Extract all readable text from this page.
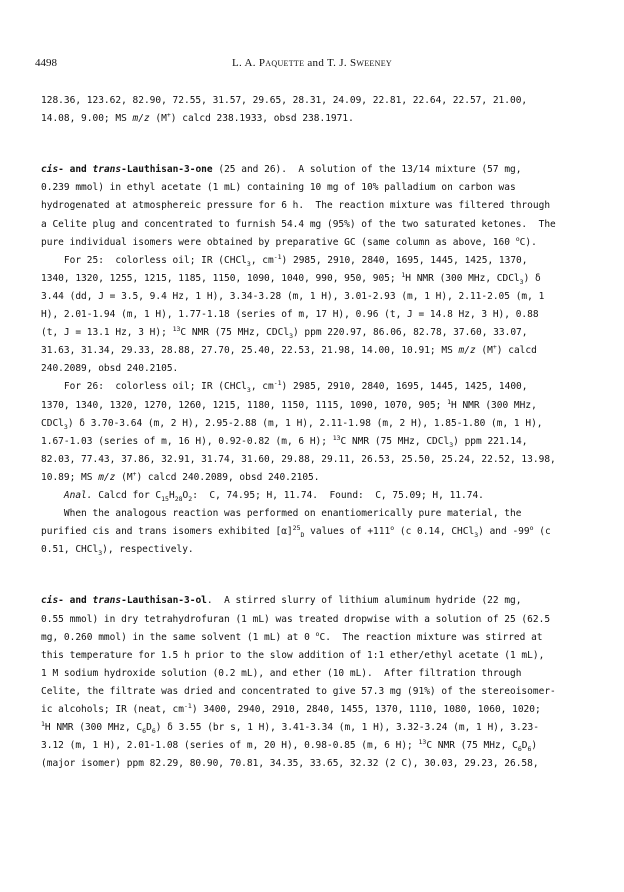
4498	L. A. Paquette and T. J. Sweeney
128.36, 123.62, 82.90, 72.55, 31.57, 29.65, 28.31, 24.09, 22.81, 22.64, 22.57, 21.00,
14.08, 9.00; MS m/z (M+) calcd 238.1933, obsd 238.1971.
cis- and trans-Lauthisan-3-one (25 and 26).  A solution of the 13/14 mixture (57 mg,
0.239 mmol) in ethyl acetate (1 mL) containing 10 mg of 10% palladium on carbon was
hydrogenated at atmosphereic pressure for 6 h.  The reaction mixture was filtered through
a Celite plug and concentrated to furnish 54.4 mg (95%) of the two saturated ketones.  The
pure individual isomers were obtained by preparative GC (same column as above, 160 $^o$C).
For 25:  colorless oil; IR (CHCl$_3$, $cm^{-1}$) 2985, 2910, 2840, 1695, 1445, 1425, 1370,
1340, 1320, 1255, 1215, 1185, 1150, 1090, 1040, 990, 950, 905; $^1$H NMR (300 MHz, CDCl$_3$) δ
3.44 (dd, J = 3.5, 9.4 Hz, 1 H), 3.34-3.28 (m, 1 H), 3.01-2.93 (m, 1 H), 2.11-2.05 (m, 1
H), 2.01-1.94 (m, 1 H), 1.77-1.18 (series of m, 17 H), 0.96 (t, J = 14.8 Hz, 3 H), 0.88
(t, J = 13.1 Hz, 3 H); $^{13}$C NMR (75 MHz, CDCl$_3$) ppm 220.97, 86.06, 82.78, 37.60, 33.07,
31.63, 31.34, 29.33, 28.88, 27.70, 25.40, 22.53, 21.98, 14.00, 10.91; MS m/z (M+) calcd
240.2089, obsd 240.2105.
For 26:  colorless oil; IR (CHCl$_3$, $cm^{-1}$) 2985, 2910, 2840, 1695, 1445, 1425, 1400,
1370, 1340, 1320, 1270, 1260, 1215, 1180, 1150, 1115, 1090, 1070, 905; $^1$H NMR (300 MHz,
CDCl$_3$) δ 3.70-3.64 (m, 2 H), 2.95-2.88 (m, 1 H), 2.11-1.98 (m, 2 H), 1.85-1.80 (m, 1 H),
1.67-1.03 (series of m, 16 H), 0.92-0.82 (m, 6 H); $^{13}$C NMR (75 MHz, CDCl$_3$) ppm 221.14,
82.03, 77.43, 37.86, 32.91, 31.74, 31.60, 29.88, 29.11, 26.53, 25.50, 25.24, 22.52, 13.98,
10.89; MS m/z (M+) calcd 240.2089, obsd 240.2105.
Anal. Calcd for $C_{15}H_{28}O_2$:  C, 74.95; H, 11.74.  Found:  C, 75.09; H, 11.74.
When the analogous reaction was performed on enantiomerically pure material, the
purified cis and trans isomers exhibited $[\alpha]^{25}_D$ values of $+111^o$ (c 0.14, CHCl$_3$) and -99$^o$ (c
0.51, CHCl$_3$), respectively.
cis- and trans-Lauthisan-3-ol.  A stirred slurry of lithium aluminum hydride (22 mg,
0.55 mmol) in dry tetrahydrofuran (1 mL) was treated dropwise with a solution of 25 (62.5
mg, 0.260 mmol) in the same solvent (1 mL) at 0 $^o$C.  The reaction mixture was stirred at
this temperature for 1.5 h prior to the slow addition of 1:1 ether/ethyl acetate (1 mL),
1 M sodium hydroxide solution (0.2 mL), and ether (10 mL).  After filtration through
Celite, the filtrate was dried and concentrated to give 57.3 mg (91%) of the stereoisomer-
ic alcohols; IR (neat, $cm^{-1}$) 3400, 2940, 2910, 2840, 1455, 1370, 1110, 1080, 1060, 1020;
$^1$H NMR (300 MHz, $C_6D_6$) δ 3.55 (br s, 1 H), 3.41-3.34 (m, 1 H), 3.32-3.24 (m, 1 H), 3.23-
3.12 (m, 1 H), 2.01-1.08 (series of m, 20 H), 0.98-0.85 (m, 6 H); $^{13}$C NMR (75 MHz, $C_6D_6$)
(major isomer) ppm 82.29, 80.90, 70.81, 34.35, 33.65, 32.32 (2 C), 30.03, 29.23, 26.58,
